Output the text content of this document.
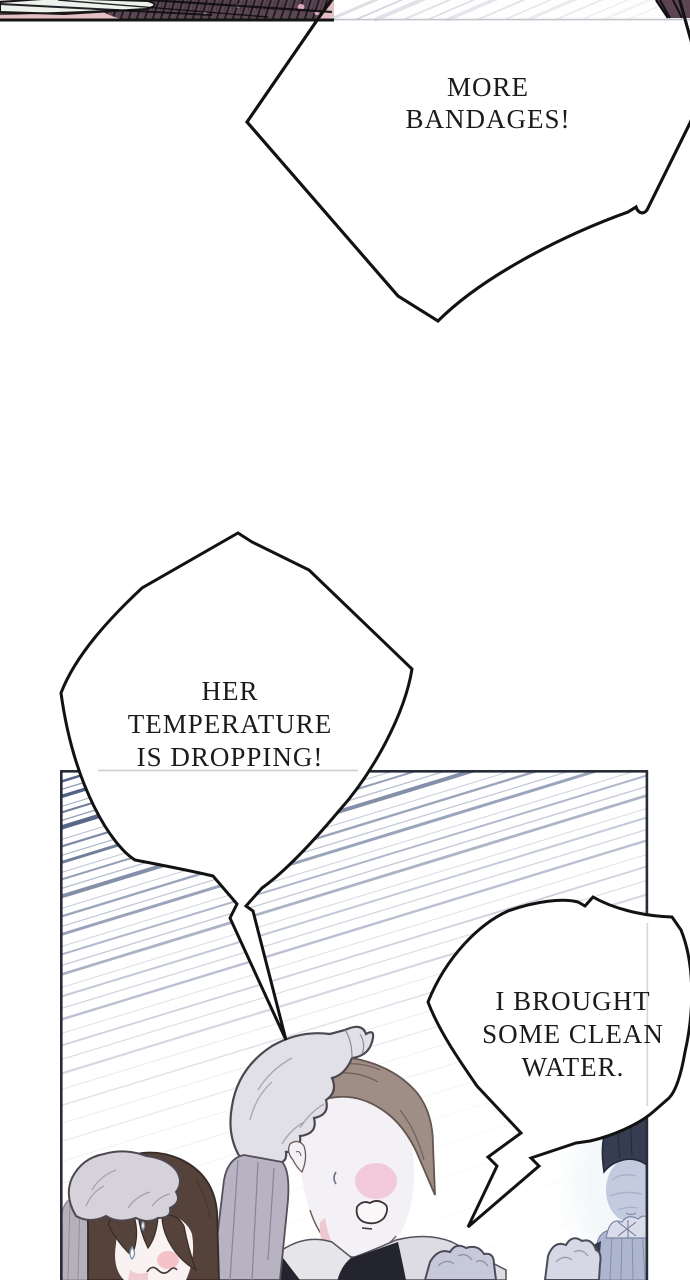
MORE
BANDAGES!
HER
TEMPERATURE
IS DROPPING!
I BROUGHT
SOME CLEAN
WATER.
